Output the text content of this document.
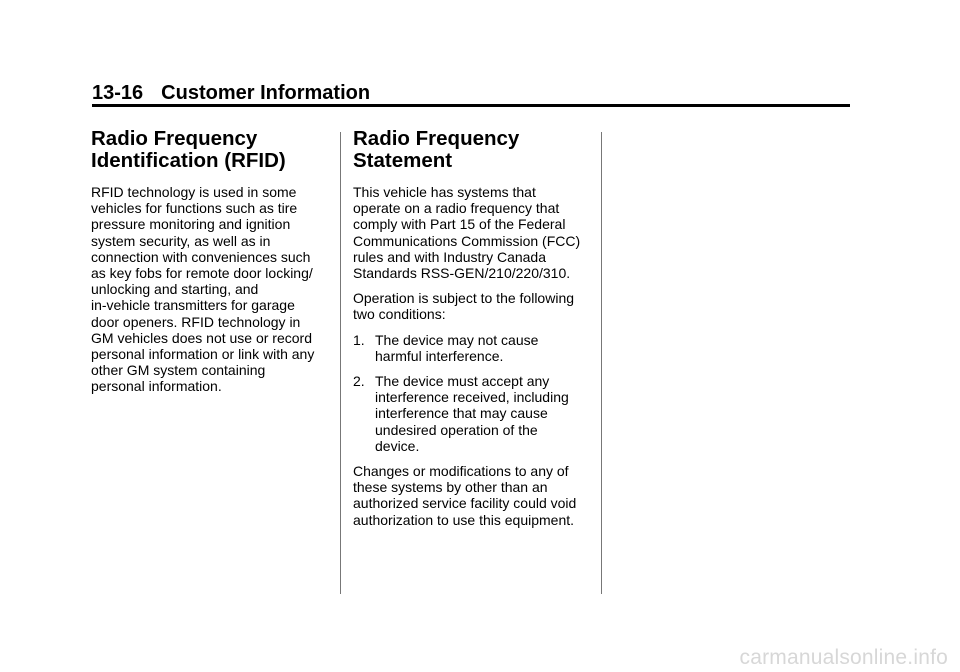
13-16 Customer Information
Radio Frequency
Identification (RFID)

RFID technology is used in some
vehicles for functions such as tire
pressure monitoring and ignition
system security, as well as in
connection with conveniences such
as key fobs for remote door locking/
unlocking and starting, and
in-vehicle transmitters for garage
door openers. RFID technology in
GM vehicles does not use or record
personal information or link with any
other GM system containing
personal information.

Radio Frequency
Statement

This vehicle has systems that
operate on a radio frequency that
comply with Part 15 of the Federal
Communications Commission (FCC)
rules and with Industry Canada
Standards RSS-GEN/210/220/310.

Operation is subject to the following
two conditions:

1. The device may not cause
harmful interference.
2. The device must accept any
interference received, including
interference that may cause
undesired operation of the
device.

Changes or modifications to any of
these systems by other than an
authorized service facility could void
authorization to use this equipment.

carmanualsonline.info
